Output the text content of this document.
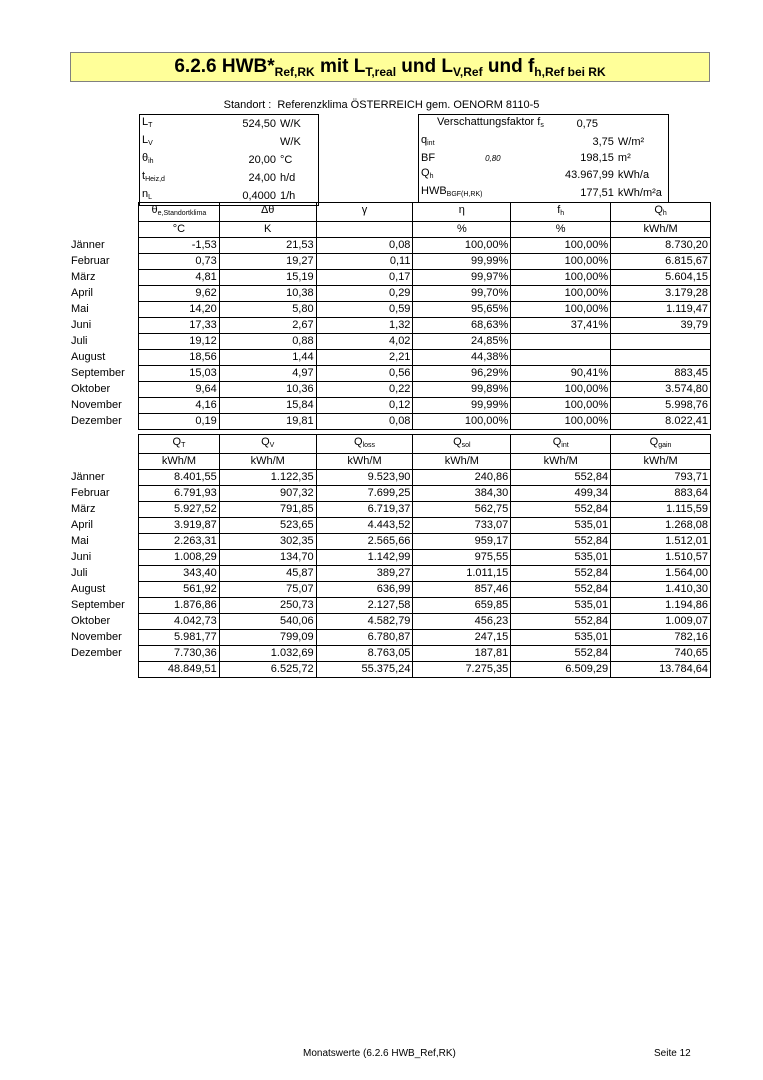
6.2.6 $HWB*_{Ref,RK}$ mit $L_{T,real}$ und $L_{V,Ref}$ und $f_{h,Ref bei RK}$
Standort : Referenzklima ÖSTERREICH gem. OENORM 8110-5
$L_T$	524,50	W/K
$L_V$		W/K
$\theta_{ih}$	20,00	°C
$t_{Heiz,d}$	24,00	h/d
$n_L$	0,4000	1/h
Verschattungsfaktor $f_s$	0,75	
$q_{int}$	3,75	W/m²
BF 0,80	198,15	m²
$Q_h$	43.967,99	kWh/a
$HWB_{BGF(H,RK)}$	177,51	kWh/m²a
	$\theta_{e,Standortklima}$	Δθ	γ	η	$f_h$	$Q_h$
	°C	K		%	%	kWh/M
Jänner	-1,53	21,53	0,08	100,00%	100,00%	8.730,20
Februar	0,73	19,27	0,11	99,99%	100,00%	6.815,67
März	4,81	15,19	0,17	99,97%	100,00%	5.604,15
April	9,62	10,38	0,29	99,70%	100,00%	3.179,28
Mai	14,20	5,80	0,59	95,65%	100,00%	1.119,47
Juni	17,33	2,67	1,32	68,63%	37,41%	39,79
Juli	19,12	0,88	4,02	24,85%		
August	18,56	1,44	2,21	44,38%		
September	15,03	4,97	0,56	96,29%	90,41%	883,45
Oktober	9,64	10,36	0,22	99,89%	100,00%	3.574,80
November	4,16	15,84	0,12	99,99%	100,00%	5.998,76
Dezember	0,19	19,81	0,08	100,00%	100,00%	8.022,41
	$Q_T$	$Q_V$	$Q_{loss}$	$Q_{sol}$	$Q_{int}$	$Q_{gain}$
	kWh/M	kWh/M	kWh/M	kWh/M	kWh/M	kWh/M
Jänner	8.401,55	1.122,35	9.523,90	240,86	552,84	793,71
Februar	6.791,93	907,32	7.699,25	384,30	499,34	883,64
März	5.927,52	791,85	6.719,37	562,75	552,84	1.115,59
April	3.919,87	523,65	4.443,52	733,07	535,01	1.268,08
Mai	2.263,31	302,35	2.565,66	959,17	552,84	1.512,01
Juni	1.008,29	134,70	1.142,99	975,55	535,01	1.510,57
Juli	343,40	45,87	389,27	1.011,15	552,84	1.564,00
August	561,92	75,07	636,99	857,46	552,84	1.410,30
September	1.876,86	250,73	2.127,58	659,85	535,01	1.194,86
Oktober	4.042,73	540,06	4.582,79	456,23	552,84	1.009,07
November	5.981,77	799,09	6.780,87	247,15	535,01	782,16
Dezember	7.730,36	1.032,69	8.763,05	187,81	552,84	740,65
	48.849,51	6.525,72	55.375,24	7.275,35	6.509,29	13.784,64
Monatswerte (6.2.6 HWB_Ref,RK)	Seite 12
